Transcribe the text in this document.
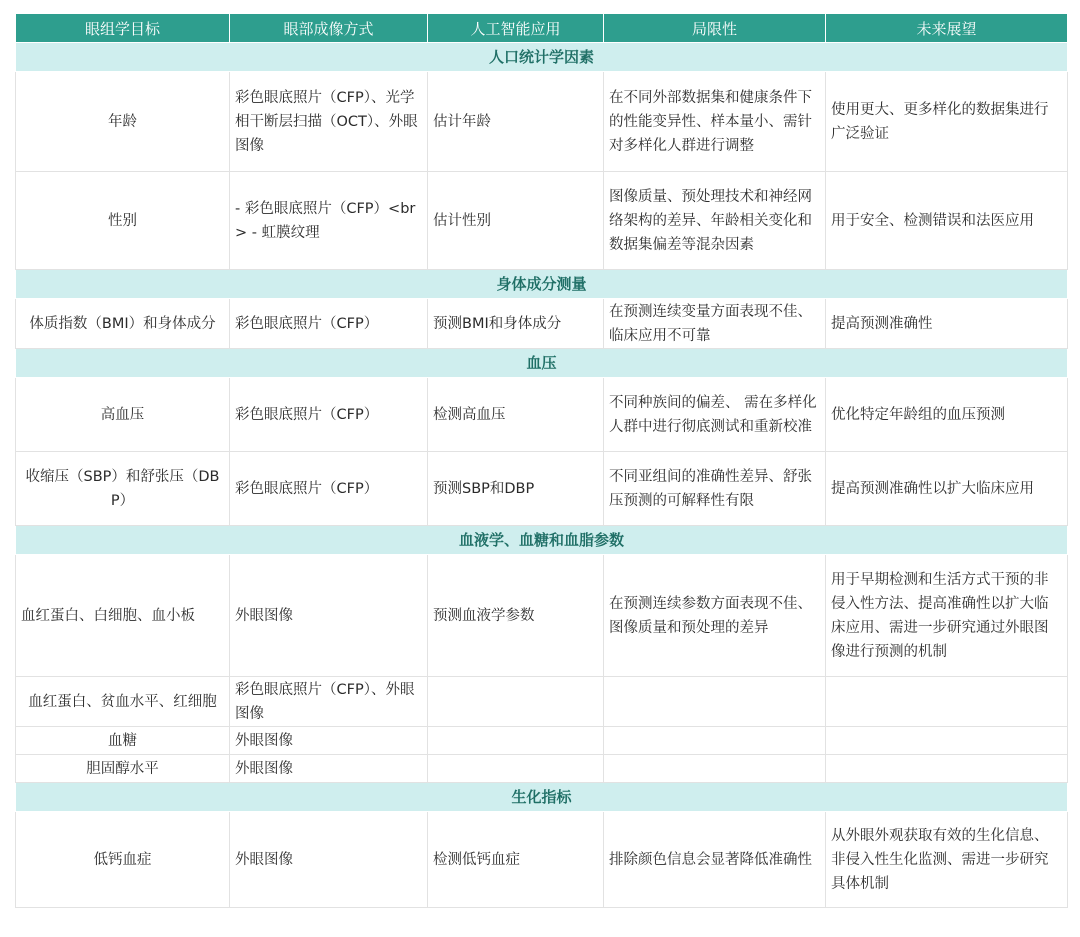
眼组学目标	眼部成像方式	人工智能应用	局限性	未来展望
人口统计学因素				
年龄	彩色眼底照片（CFP）、光学相干断层扫描（OCT）、外眼图像	估计年龄	在不同外部数据集和健康条件下的性能变异性、样本量小、需针对多样化人群进行调整	使用更大、更多样化的数据集进行广泛验证
性别	- 彩色眼底照片（CFP）<br> - 虹膜纹理	估计性别	图像质量、预处理技术和神经网络架构的差异、年龄相关变化和数据集偏差等混杂因素	用于安全、检测错误和法医应用
身体成分测量				
体质指数（BMI）和身体成分	彩色眼底照片（CFP）	预测BMI和身体成分	在预测连续变量方面表现不佳、临床应用不可靠	提高预测准确性
血压				
高血压	彩色眼底照片（CFP）	检测高血压	不同种族间的偏差、 需在多样化人群中进行彻底测试和重新校准	优化特定年龄组的血压预测
收缩压（SBP）和舒张压（DBP）	彩色眼底照片（CFP）	预测SBP和DBP	不同亚组间的准确性差异、舒张压预测的可解释性有限	提高预测准确性以扩大临床应用
血液学、血糖和血脂参数				
血红蛋白、白细胞、血小板	外眼图像	预测血液学参数	在预测连续参数方面表现不佳、图像质量和预处理的差异	用于早期检测和生活方式干预的非侵入性方法、提高准确性以扩大临床应用、需进一步研究通过外眼图像进行预测的机制
血红蛋白、贫血水平、红细胞	彩色眼底照片（CFP）、外眼图像			
血糖	外眼图像			
胆固醇水平	外眼图像			
生化指标				
低钙血症	外眼图像	检测低钙血症	排除颜色信息会显著降低准确性	从外眼外观获取有效的生化信息、非侵入性生化监测、需进一步研究具体机制
